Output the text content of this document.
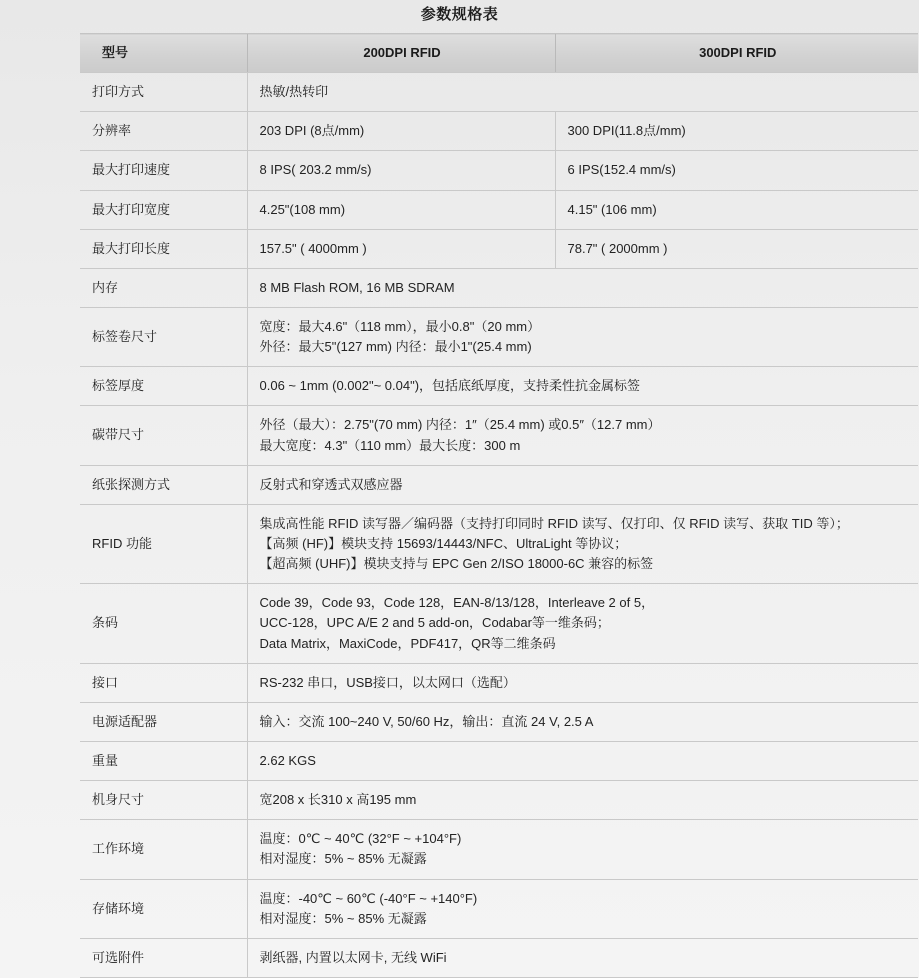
参数规格表
型号	200DPI RFID	300DPI RFID
打印方式	热敏/热转印	

分辨率	203 DPI (8点/mm)	300 DPI(11.8点/mm)
最大打印速度	8 IPS( 203.2 mm/s)	6 IPS(152.4 mm/s)
最大打印宽度	4.25"(108 mm)	4.15" (106 mm)
最大打印长度	157.5" ( 4000mm )	78.7" ( 2000mm )
内存	8 MB Flash ROM, 16 MB SDRAM	

标签卷尺寸	宽度：最大4.6"（118 mm），最小0.8"（20 mm）
外径：最大5"(127 mm) 内径：最小1"(25.4 mm)	

标签厚度	0.06 ~ 1mm (0.002"~ 0.04")，包括底纸厚度，支持柔性抗金属标签	

碳带尺寸	外径（最大）：2.75"(70 mm) 内径：1″（25.4 mm) 或0.5″（12.7 mm）
最大宽度：4.3"（110 mm）最大长度：300 m	

纸张探测方式	反射式和穿透式双感应器	

RFID 功能	集成高性能 RFID 读写器／编码器（支持打印同时 RFID 读写、仅打印、仅 RFID 读写、获取 TID 等）；
【高频 (HF)】模块支持 15693/14443/NFC、UltraLight 等协议；
【超高频 (UHF)】模块支持与 EPC Gen 2/ISO 18000-6C 兼容的标签	

条码	Code 39，Code 93，Code 128，EAN-8/13/128，Interleave 2 of 5，
UCC-128，UPC A/E 2 and 5 add-on，Codabar等一维条码；
Data Matrix，MaxiCode，PDF417，QR等二维条码	

接口	RS-232 串口，USB接口，以太网口（选配）	

电源适配器	输入：交流 100~240 V, 50/60 Hz，输出：直流 24 V, 2.5 A	

重量	2.62 KGS	

机身尺寸	宽208 x 长310 x 高195 mm	

工作环境	温度：0℃ ~ 40℃ (32°F ~ +104°F)
相对湿度：5% ~ 85% 无凝露	

存储环境	温度：-40℃ ~ 60℃ (-40°F ~ +140°F)
相对湿度：5% ~ 85% 无凝露	

可选附件	剥纸器, 内置以太网卡, 无线 WiFi	
